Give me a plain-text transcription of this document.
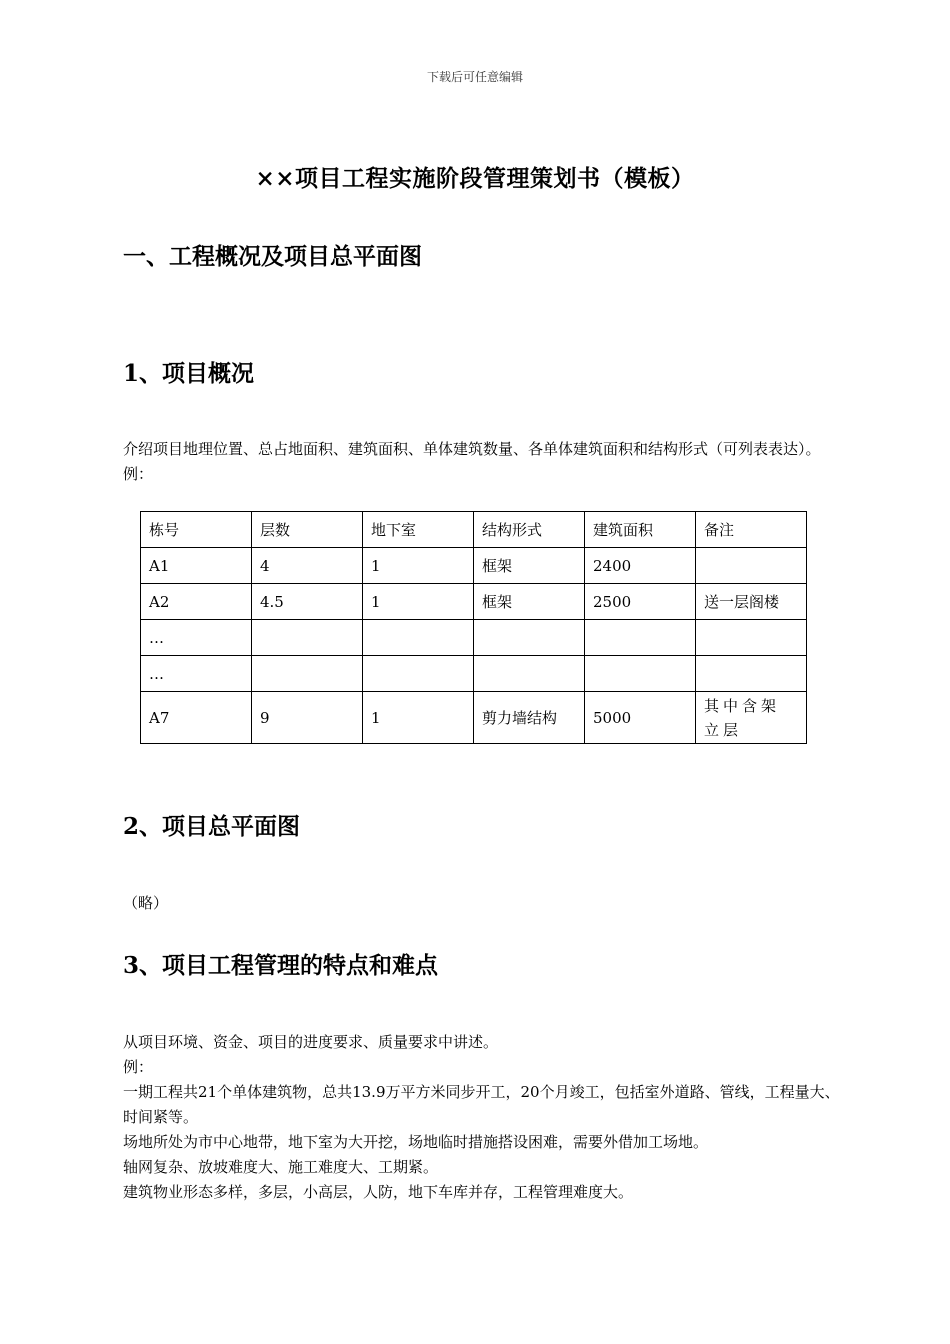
下载后可任意编辑
××项目工程实施阶段管理策划书（模板）
一、工程概况及项目总平面图
1、项目概况

介绍项目地理位置、总占地面积、建筑面积、单体建筑数量、各单体建筑面积和结构形式（可列表表达）。

例：

栋号	层数	地下室	结构形式	建筑面积	备注
A1	4	1	框架	2400	
A2	4.5	1	框架	2500	送一层阁楼
…					
…					
A7	9	1	剪力墙结构	5000	其中含架立层
2、项目总平面图

（略）

3、项目工程管理的特点和难点

从项目环境、资金、项目的进度要求、质量要求中讲述。

例：

一期工程共21个单体建筑物，总共13.9万平方米同步开工，20个月竣工，包括室外道路、管线，工程量大、时间紧等。

场地所处为市中心地带，地下室为大开挖，场地临时措施搭设困难，需要外借加工场地。

轴网复杂、放坡难度大、施工难度大、工期紧。

建筑物业形态多样，多层，小高层，人防，地下车库并存，工程管理难度大。
